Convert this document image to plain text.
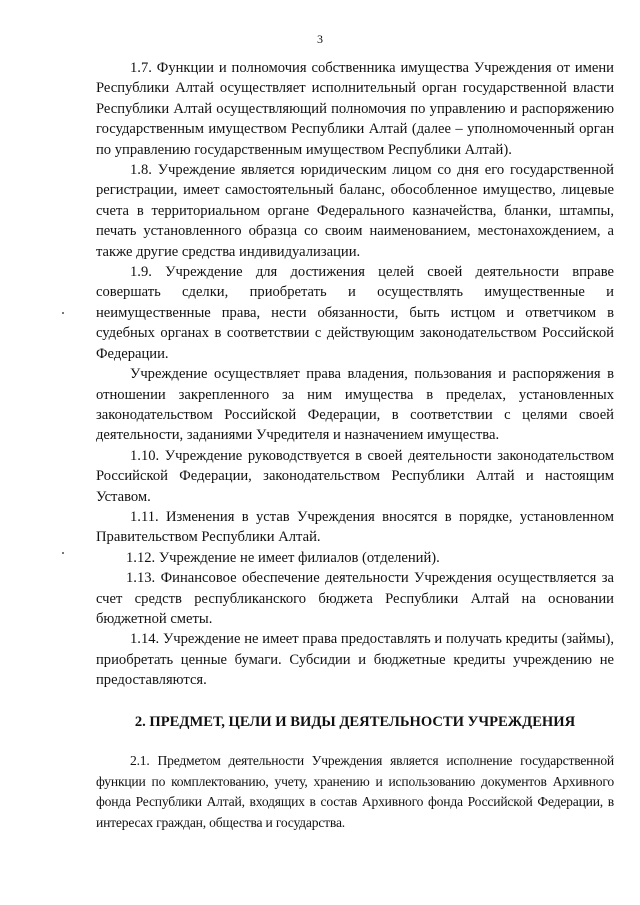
3

1.7. Функции и полномочия собственника имущества Учреждения от имени Республики Алтай осуществляет исполнительный орган государственной власти Республики Алтай осуществляющий полномочия по управлению и распоряжению государственным имуществом Республики Алтай (далее – уполномоченный орган по управлению государственным имуществом Республики Алтай).

1.8. Учреждение является юридическим лицом со дня его государственной регистрации, имеет самостоятельный баланс, обособленное имущество, лицевые счета в территориальном органе Федерального казначейства, бланки, штампы, печать установленного образца со своим наименованием, местонахождением, а также другие средства индивидуализации.

1.9. Учреждение для достижения целей своей деятельности вправе совершать сделки, приобретать и осуществлять имущественные и неимущественные права, нести обязанности, быть истцом и ответчиком в судебных органах в соответствии с действующим законодательством Российской Федерации.

Учреждение осуществляет права владения, пользования и распоряжения в отношении закрепленного за ним имущества в пределах, установленных законодательством Российской Федерации, в соответствии с целями своей деятельности, заданиями Учредителя и назначением имущества.

1.10. Учреждение руководствуется в своей деятельности законодательством Российской Федерации, законодательством Республики Алтай и настоящим Уставом.

1.11. Изменения в устав Учреждения вносятся в порядке, установленном Правительством Республики Алтай.

1.12. Учреждение не имеет филиалов (отделений).

1.13. Финансовое обеспечение деятельности Учреждения осуществляется за счет средств республиканского бюджета Республики Алтай на основании бюджетной сметы.

1.14. Учреждение не имеет права предоставлять и получать кредиты (займы), приобретать ценные бумаги. Субсидии и бюджетные кредиты учреждению не предоставляются.

2. ПРЕДМЕТ, ЦЕЛИ И ВИДЫ ДЕЯТЕЛЬНОСТИ УЧРЕЖДЕНИЯ

2.1. Предметом деятельности Учреждения является исполнение государственной функции по комплектованию, учету, хранению и использованию документов Архивного фонда Республики Алтай, входящих в состав Архивного фонда Российской Федерации, в интересах граждан, общества и государства.
